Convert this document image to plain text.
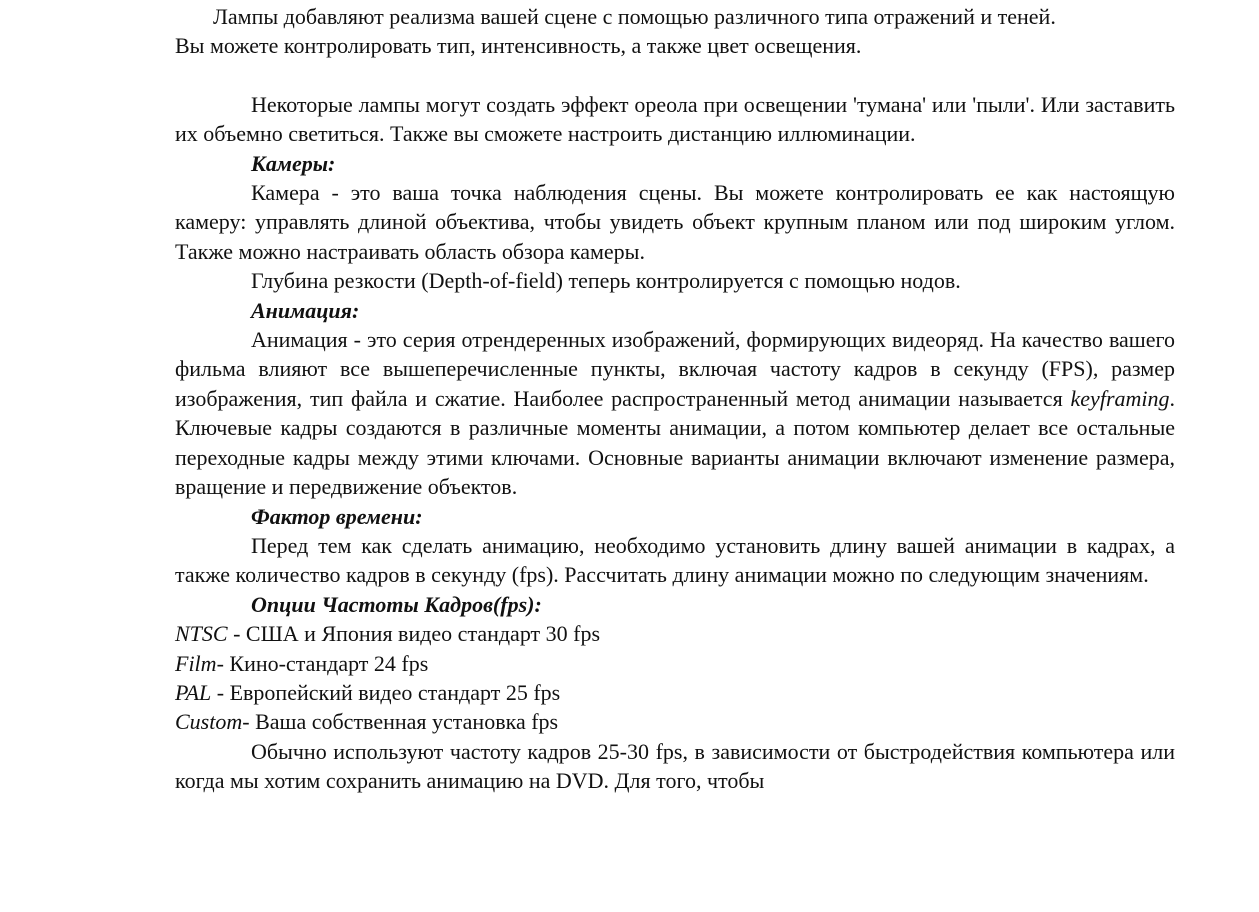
Лампы добавляют реализма вашей сцене с помощью различного типа отражений и теней.

Вы можете контролировать тип, интенсивность, а также цвет освещения.

Некоторые лампы могут создать эффект ореола при освещении 'тумана' или 'пыли'. Или заставить их объемно светиться. Также вы сможете настроить дистанцию иллюминации.

Камеры:

Камера - это ваша точка наблюдения сцены. Вы можете контролировать ее как настоящую камеру: управлять длиной объектива, чтобы увидеть объект крупным планом или под широким углом. Также можно настраивать область обзора камеры.

Глубина резкости (Depth-of-field) теперь контролируется с помощью нодов.

Анимация:

Анимация - это серия отрендеренных изображений, формирующих видеоряд. На качество вашего фильма влияют все вышеперечисленные пункты, включая частоту кадров в секунду (FPS), размер изображения, тип файла и сжатие. Наиболее распространенный метод анимации называется keyframing. Ключевые кадры создаются в различные моменты анимации, а потом компьютер делает все остальные переходные кадры между этими ключами. Основные варианты анимации включают изменение размера, вращение и передвижение объектов.

Фактор времени:

Перед тем как сделать анимацию, необходимо установить длину вашей анимации в кадрах, а также количество кадров в секунду (fps). Рассчитать длину анимации можно по следующим значениям.

Опции Частоты Кадров(fps):

NTSC - США и Япония видео стандарт 30 fps

Film- Кино-стандарт 24 fps

PAL - Европейский видео стандарт 25 fps

Custom- Ваша собственная установка fps

Обычно используют частоту кадров 25-30 fps, в зависимости от быстродействия компьютера или когда мы хотим сохранить анимацию на DVD. Для того, чтобы
